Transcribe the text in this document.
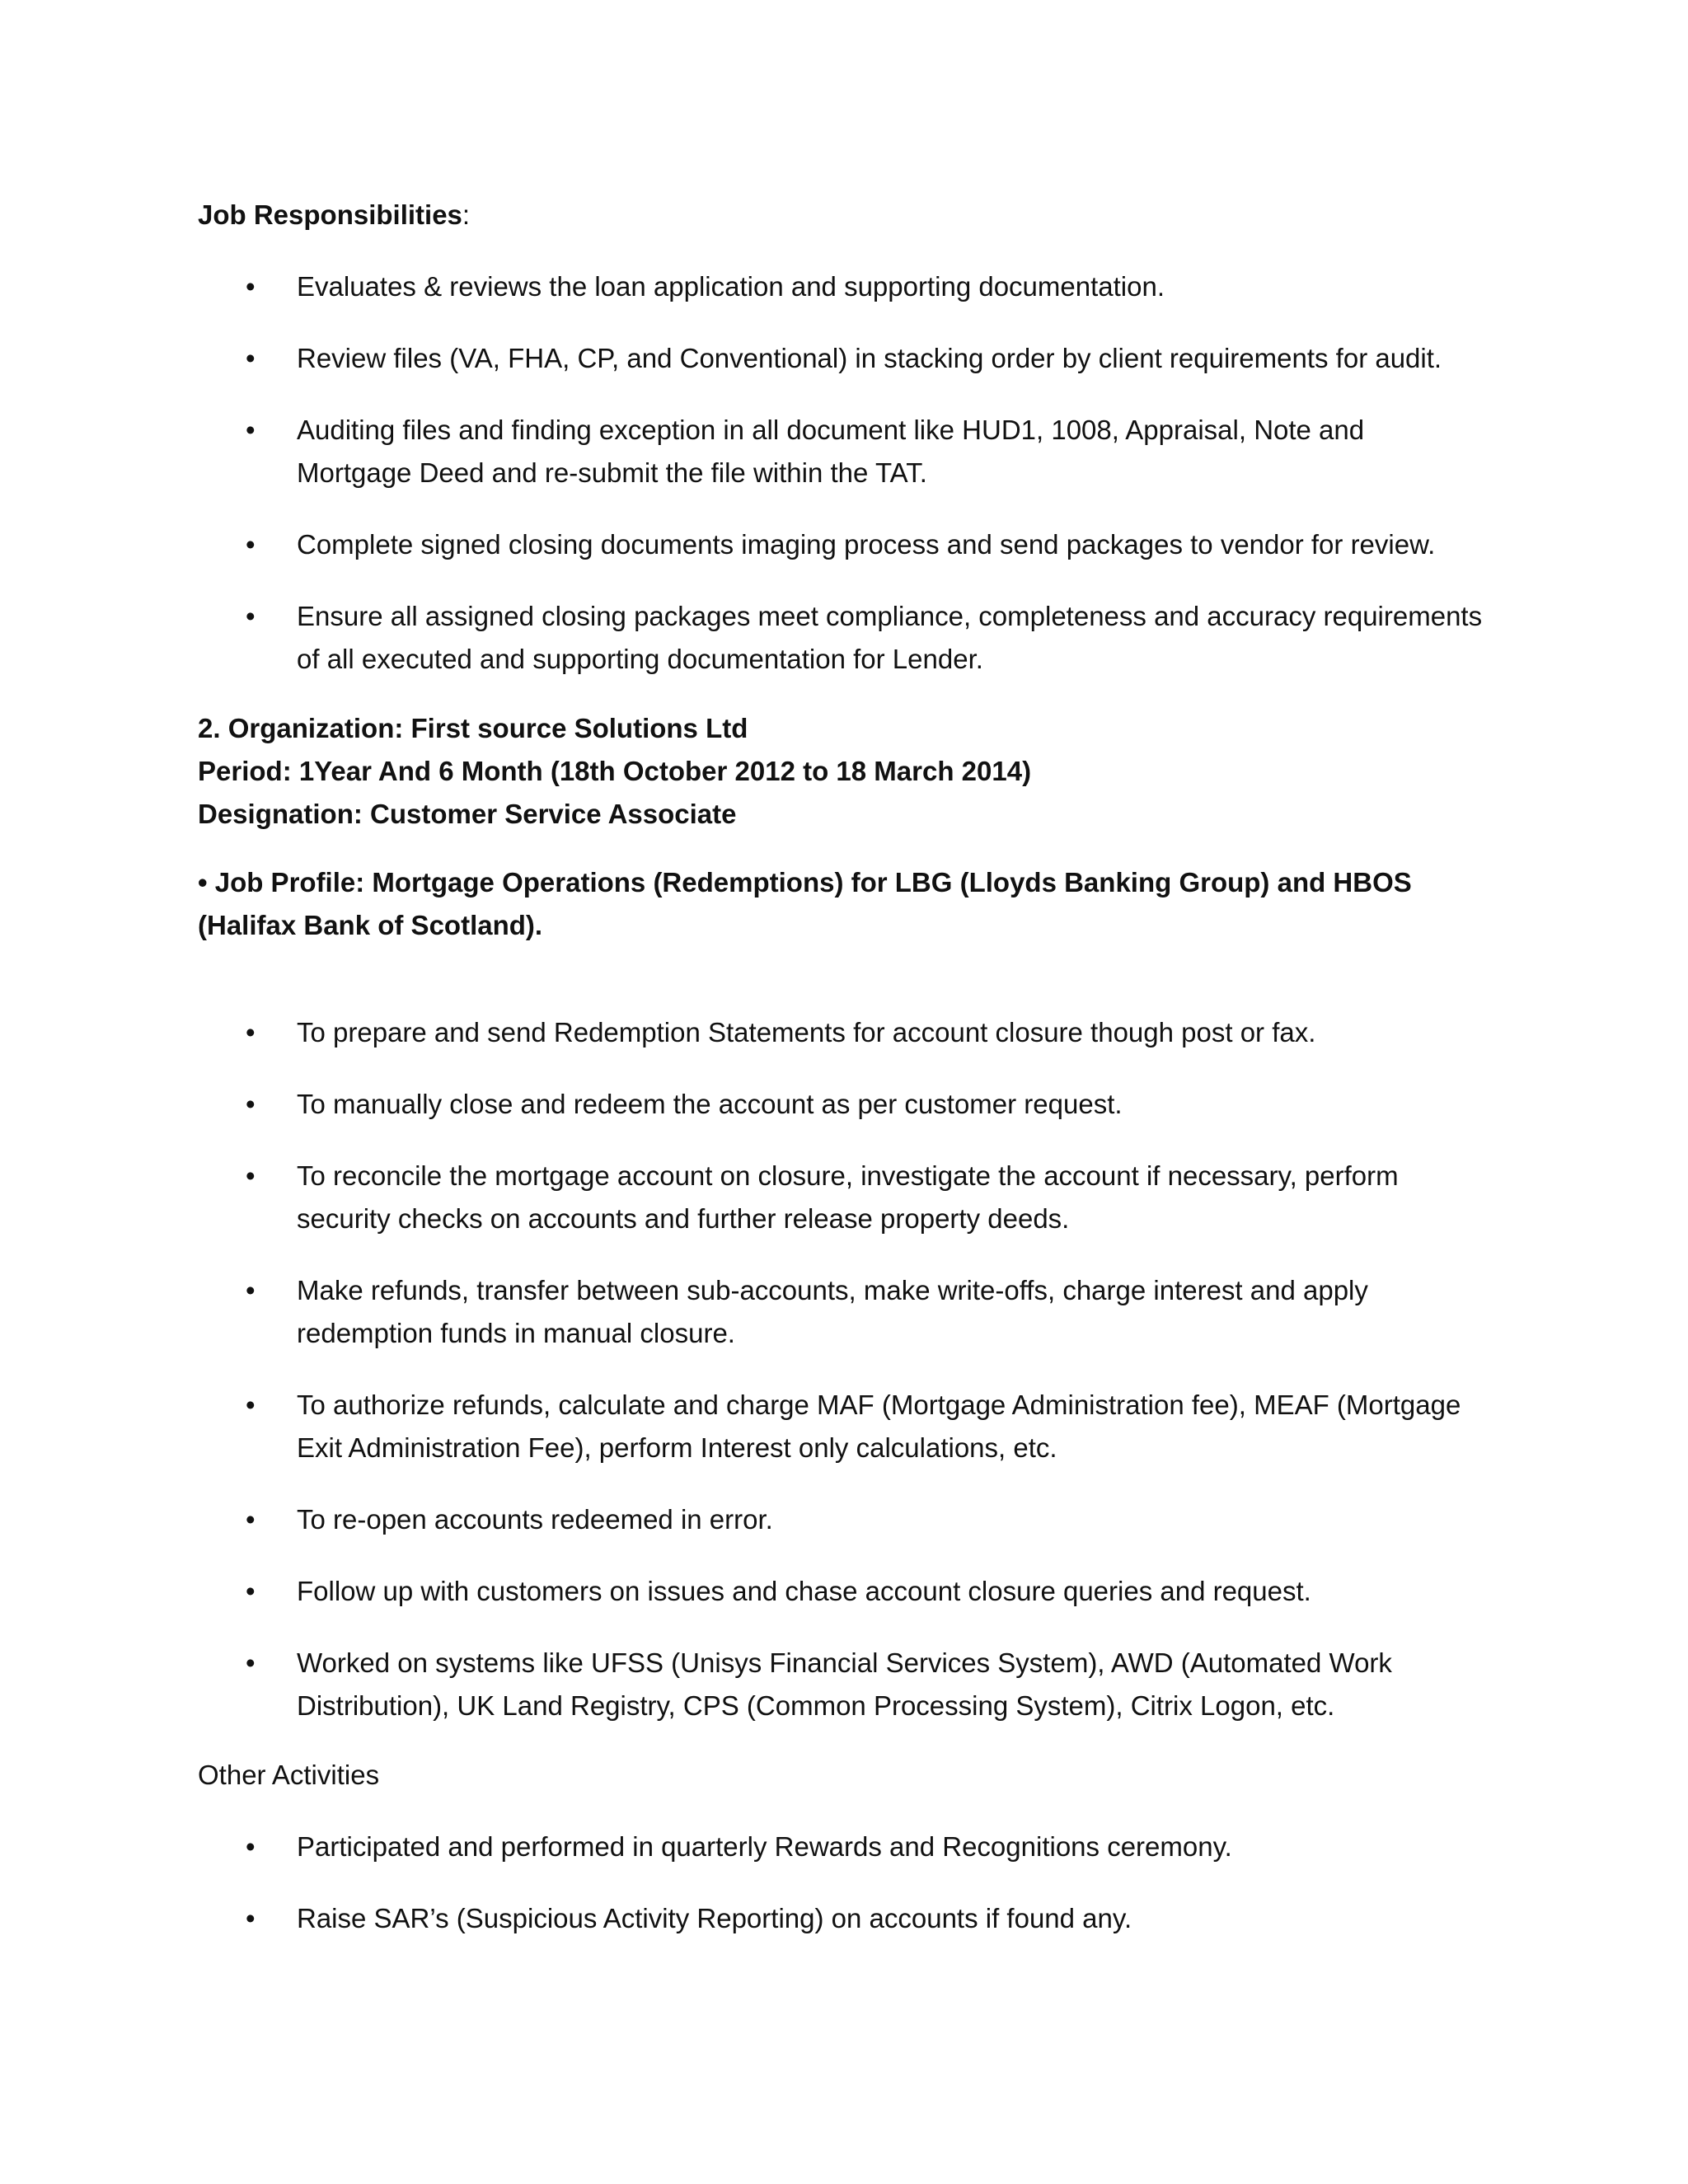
Job Responsibilities:
• Evaluates & reviews the loan application and supporting documentation.
• Review files (VA, FHA, CP, and Conventional) in stacking order by client requirements for audit.
• Auditing files and finding exception in all document like HUD1, 1008, Appraisal, Note and Mortgage Deed and re-submit the file within the TAT.
• Complete signed closing documents imaging process and send packages to vendor for review.
• Ensure all assigned closing packages meet compliance, completeness and accuracy requirements of all executed and supporting documentation for Lender.
2. Organization: First source Solutions Ltd
Period: 1Year And 6 Month (18th October 2012 to 18 March 2014)
Designation: Customer Service Associate
• Job Profile: Mortgage Operations (Redemptions) for LBG (Lloyds Banking Group) and HBOS
(Halifax Bank of Scotland).
• To prepare and send Redemption Statements for account closure though post or fax.
• To manually close and redeem the account as per customer request.
• To reconcile the mortgage account on closure, investigate the account if necessary, perform security checks on accounts and further release property deeds.
• Make refunds, transfer between sub-accounts, make write-offs, charge interest and apply redemption funds in manual closure.
• To authorize refunds, calculate and charge MAF (Mortgage Administration fee), MEAF (Mortgage Exit Administration Fee), perform Interest only calculations, etc.
• To re-open accounts redeemed in error.
• Follow up with customers on issues and chase account closure queries and request.
• Worked on systems like UFSS (Unisys Financial Services System), AWD (Automated Work Distribution), UK Land Registry, CPS (Common Processing System), Citrix Logon, etc.
Other Activities
• Participated and performed in quarterly Rewards and Recognitions ceremony.
• Raise SAR’s (Suspicious Activity Reporting) on accounts if found any.
